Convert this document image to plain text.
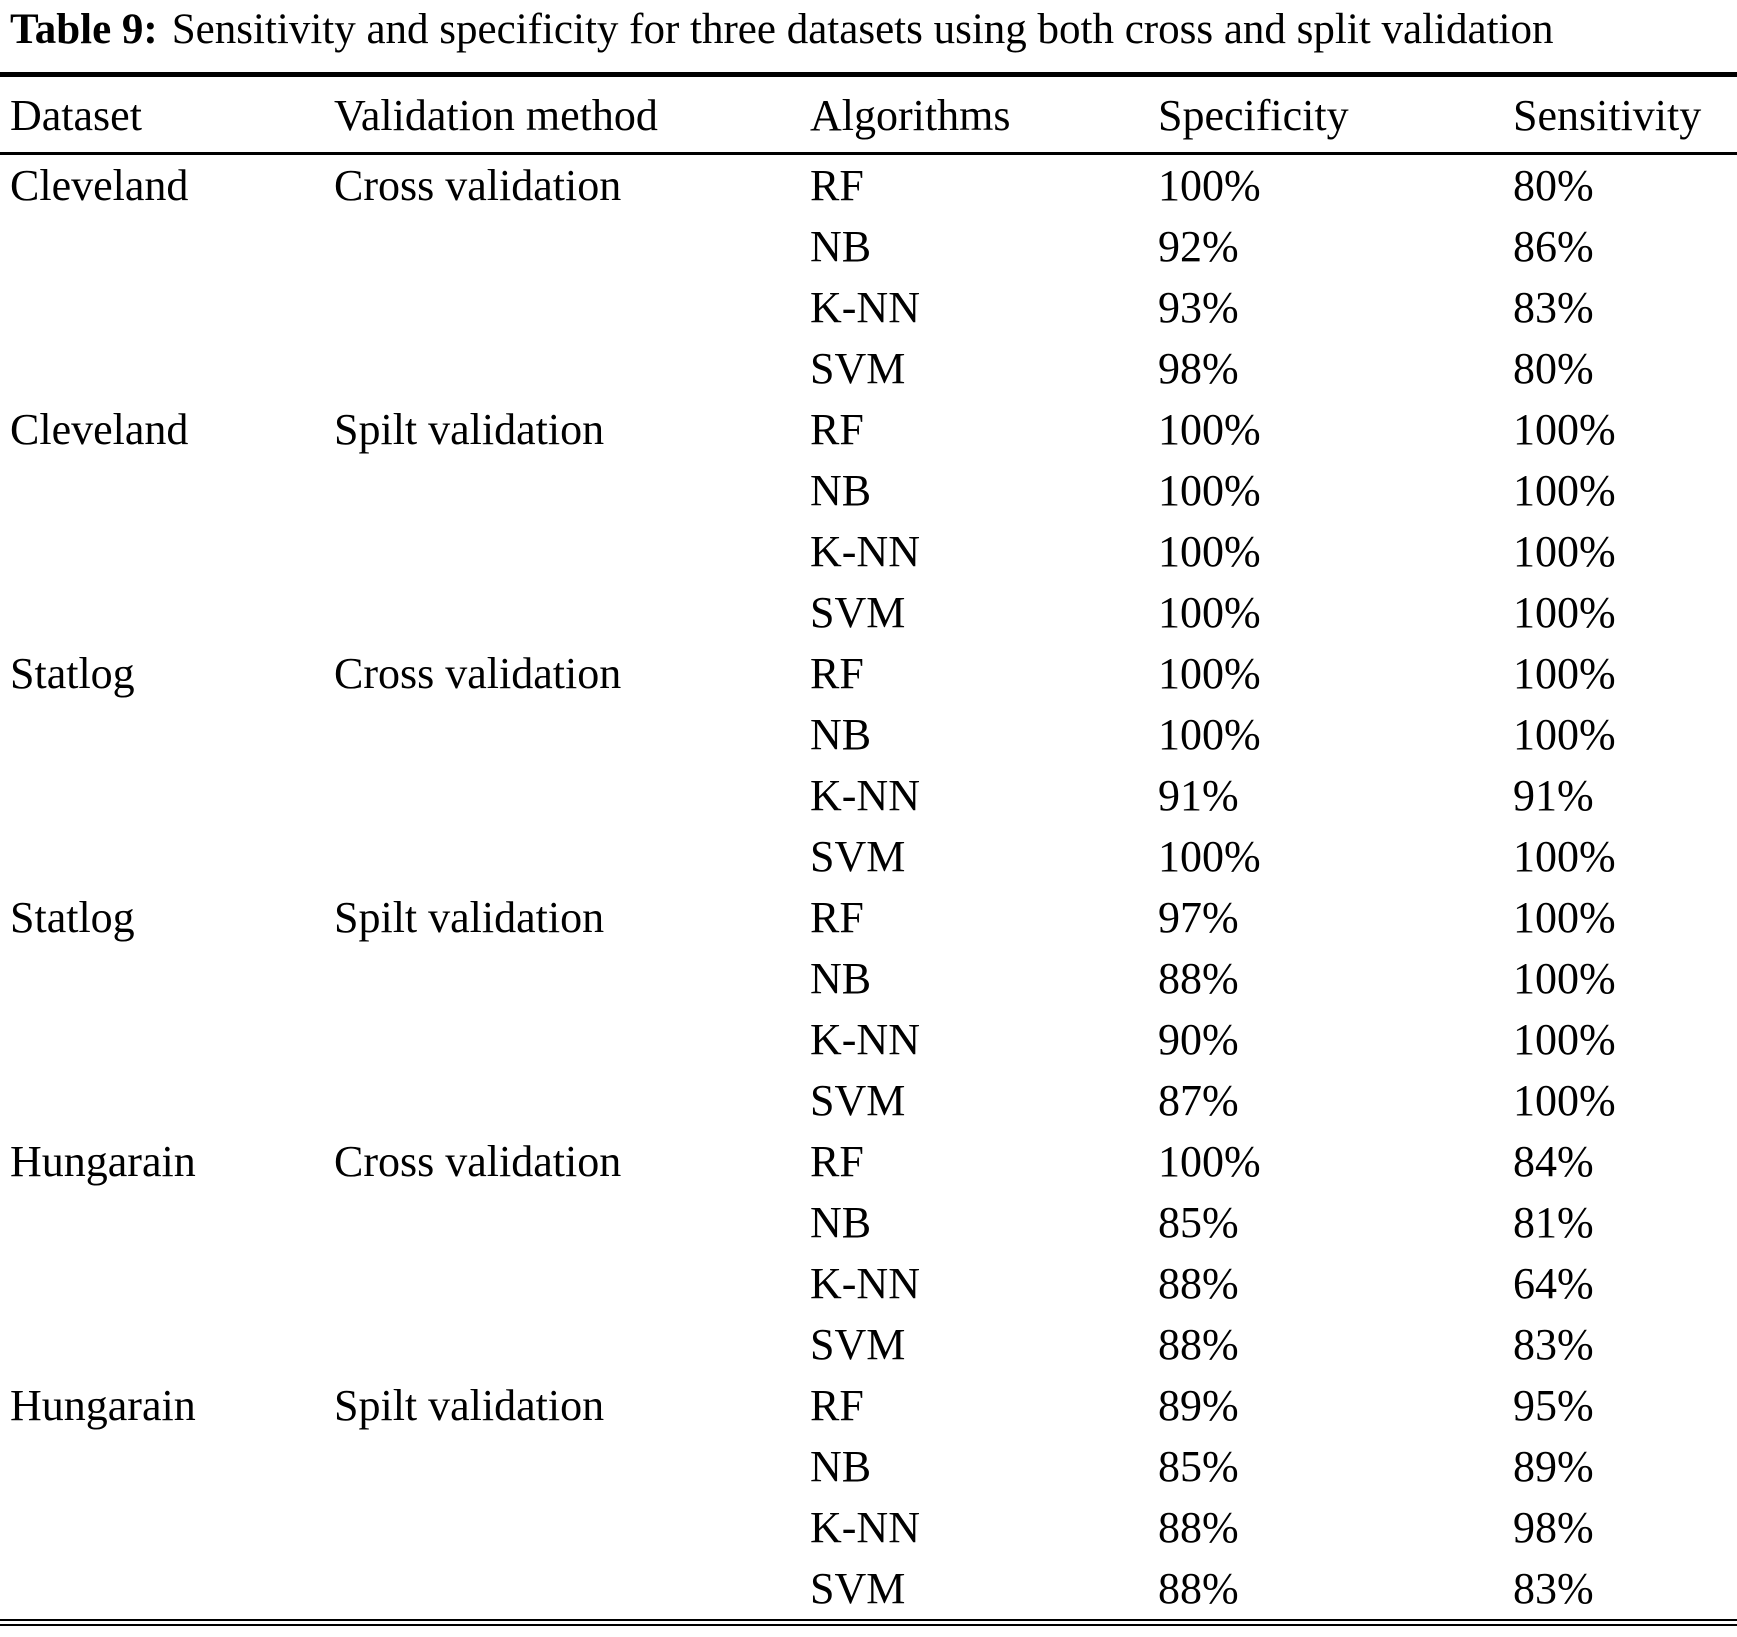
Table 9: Sensitivity and specificity for three datasets using both cross and split validation
Dataset	Validation method	Algorithms	Specificity	Sensitivity
Cleveland	Cross validation	RF	100%	80%
		NB	92%	86%
		K-NN	93%	83%
		SVM	98%	80%
Cleveland	Spilt validation	RF	100%	100%
		NB	100%	100%
		K-NN	100%	100%
		SVM	100%	100%
Statlog	Cross validation	RF	100%	100%
		NB	100%	100%
		K-NN	91%	91%
		SVM	100%	100%
Statlog	Spilt validation	RF	97%	100%
		NB	88%	100%
		K-NN	90%	100%
		SVM	87%	100%
Hungarain	Cross validation	RF	100%	84%
		NB	85%	81%
		K-NN	88%	64%
		SVM	88%	83%
Hungarain	Spilt validation	RF	89%	95%
		NB	85%	89%
		K-NN	88%	98%
		SVM	88%	83%
